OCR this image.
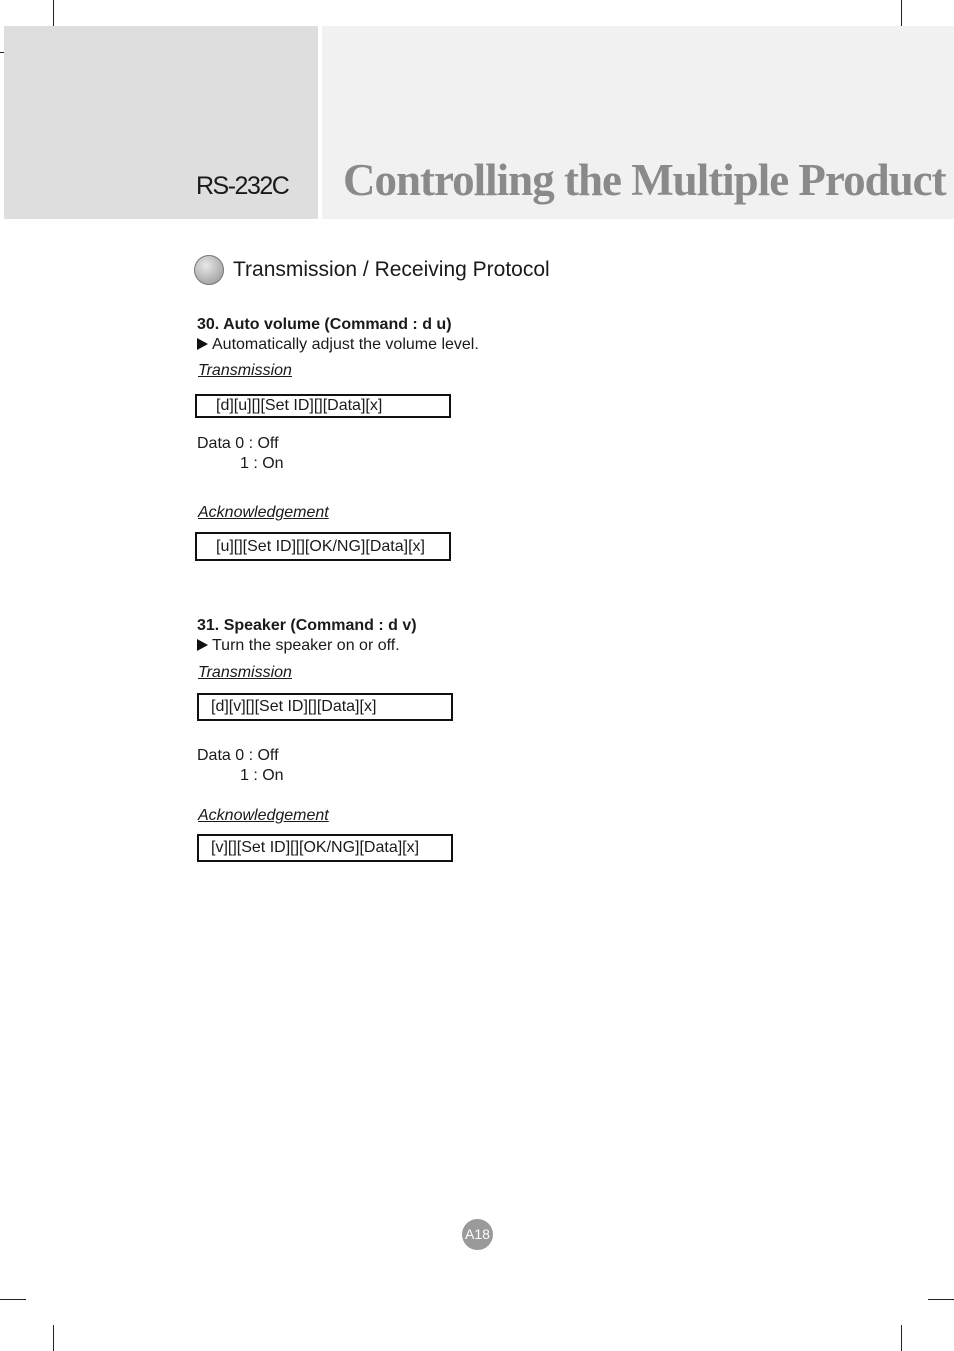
RS-232C Controlling the Multiple Product
Transmission / Receiving Protocol
30. Auto volume (Command : d u)
Automatically adjust the volume level.
Transmission
[d][u][][Set ID][][Data][x]
Data 0 : Off
1 : On
Acknowledgement
[u][][Set ID][][OK/NG][Data][x]
31. Speaker (Command : d v)
Turn the speaker on or off.
Transmission
[d][v][][Set ID][][Data][x]
Data 0 : Off
1 : On
Acknowledgement
[v][][Set ID][][OK/NG][Data][x]
A18
